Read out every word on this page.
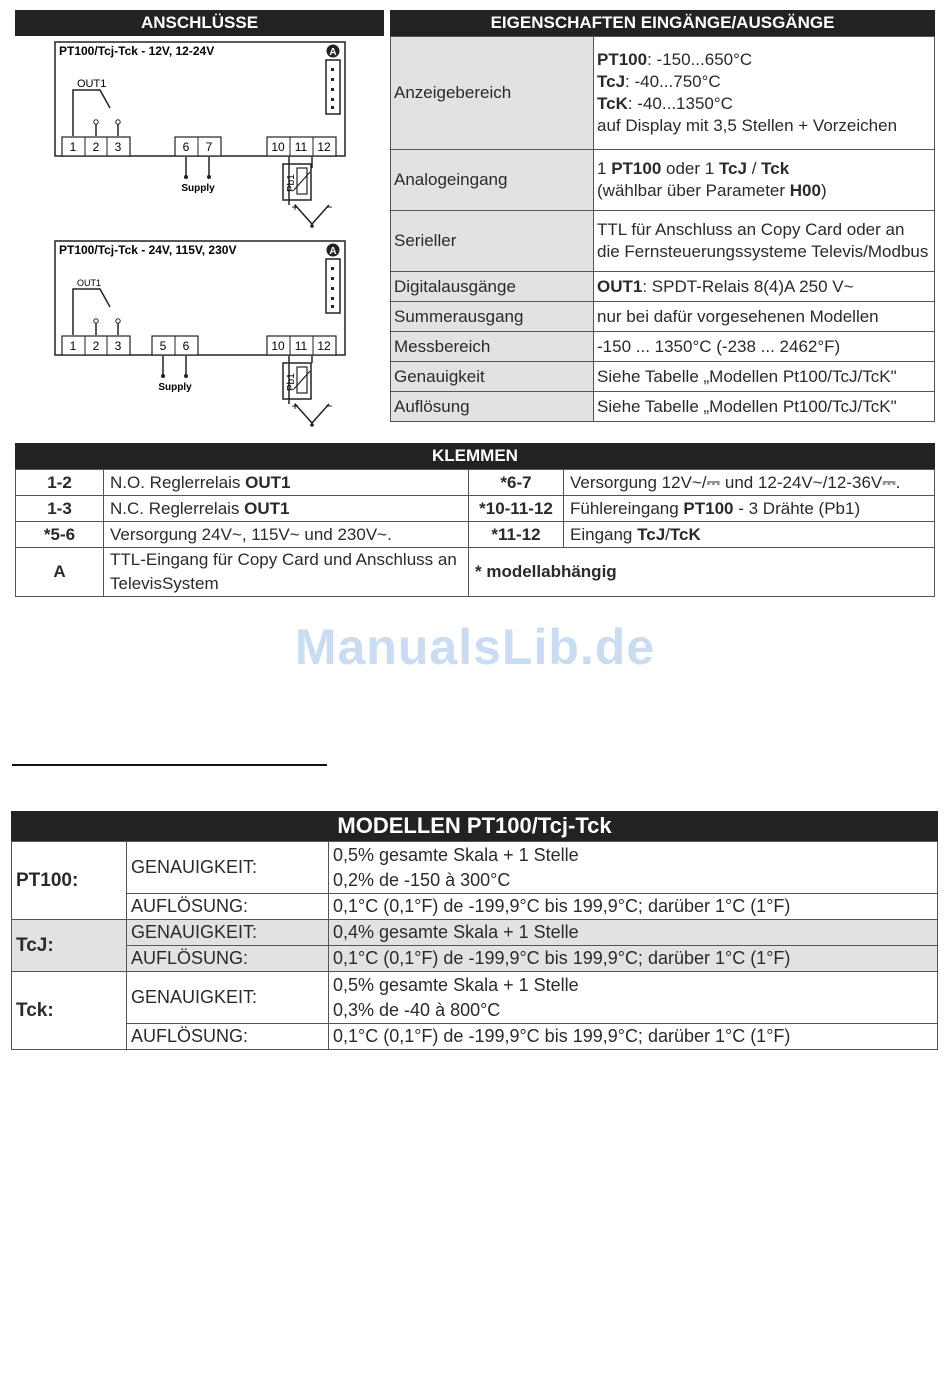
ANSCHLÜSSE
A
PT100/Tcj-Tck - 12V, 12-24V
OUT1
1 2 3	6 7	10 11 12
Supply	Pb1
+ −
A
PT100/Tcj-Tck - 24V, 115V, 230V
OUT1
1 2 3	5 6	10 11 12
Supply	Pb1
+ −
EIGENSCHAFTEN EINGÄNGE/AUSGÄNGE
Anzeigebereich	PT100: -150...650°C
TcJ: -40...750°C
TcK: -40...1350°C
auf Display mit 3,5 Stellen + Vorzeichen

Analogeingang	1 PT100 oder 1 TcJ / Tck
(wählbar über Parameter H00)

Serieller	TTL für Anschluss an Copy Card oder an die Fernsteuerungssysteme Televis/Modbus
Digitalausgänge	OUT1: SPDT-Relais 8(4)A 250 V~
Summerausgang	nur bei dafür vorgesehenen Modellen
Messbereich	-150 ... 1350°C (-238 ... 2462°F)
Genauigkeit	Siehe Tabelle „Modellen Pt100/TcJ/TcK"
Auflösung	Siehe Tabelle „Modellen Pt100/TcJ/TcK"
KLEMMEN
1-2	N.O. Reglerrelais OUT1	*6-7	Versorgung 12V~/⎓ und 12-24V~/12-36V⎓.
1-3	N.C. Reglerrelais OUT1	*10-11-12	Fühlereingang PT100 - 3 Drähte (Pb1)
*5-6	Versorgung 24V~, 115V~ und 230V~.	*11-12	Eingang TcJ/TcK
A	TTL-Eingang für Copy Card und Anschluss an TelevisSystem	* modellabhängig	
ManualsLib.de
MODELLEN PT100/Tcj-Tck
PT100:	GENAUIGKEIT:	0,5% gesamte Skala + 1 Stelle
0,2% de -150 à 300°C

	AUFLÖSUNG:	0,1°C (0,1°F) de -199,9°C bis 199,9°C; darüber 1°C (1°F)
TcJ:	GENAUIGKEIT:	0,4% gesamte Skala + 1 Stelle
	AUFLÖSUNG:	0,1°C (0,1°F) de -199,9°C bis 199,9°C; darüber 1°C (1°F)
Tck:	GENAUIGKEIT:	0,5% gesamte Skala + 1 Stelle
0,3% de -40 à 800°C

	AUFLÖSUNG:	0,1°C (0,1°F) de -199,9°C bis 199,9°C; darüber 1°C (1°F)
